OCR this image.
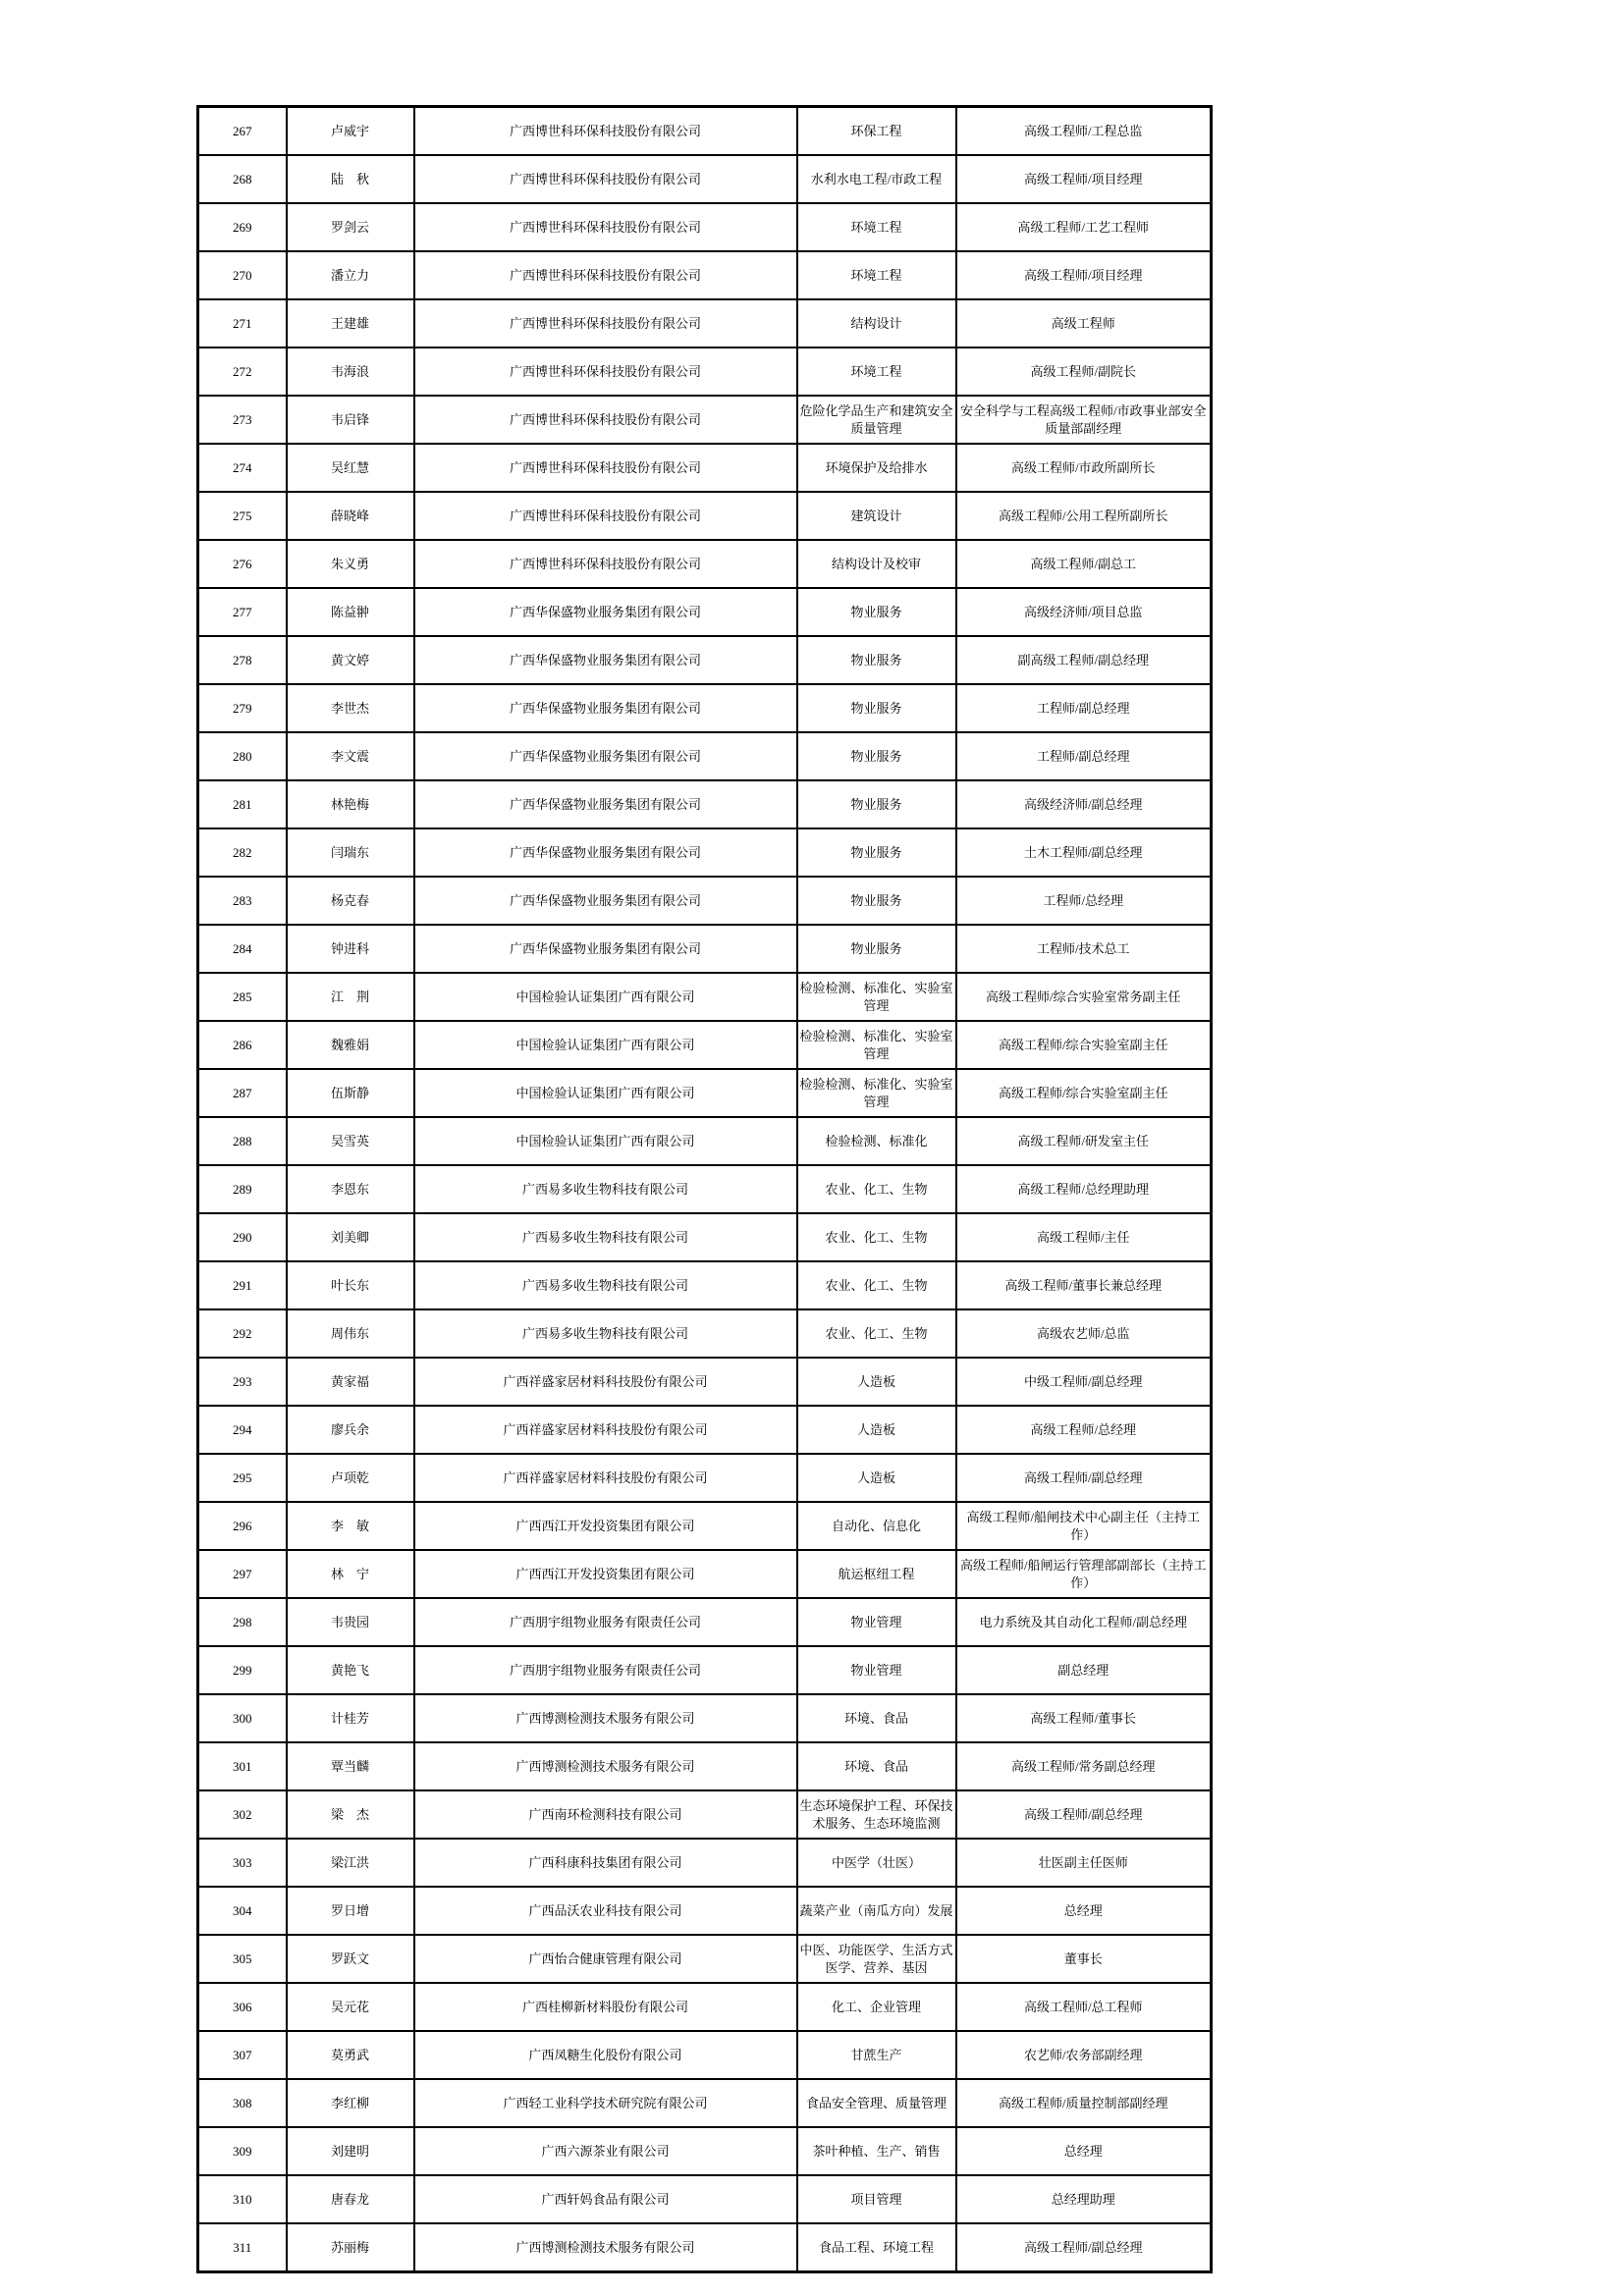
267	卢威宇	广西博世科环保科技股份有限公司	环保工程	高级工程师/工程总监
268	陆　秋	广西博世科环保科技股份有限公司	水利水电工程/市政工程	高级工程师/项目经理
269	罗剑云	广西博世科环保科技股份有限公司	环境工程	高级工程师/工艺工程师
270	潘立力	广西博世科环保科技股份有限公司	环境工程	高级工程师/项目经理
271	王建雄	广西博世科环保科技股份有限公司	结构设计	高级工程师
272	韦海浪	广西博世科环保科技股份有限公司	环境工程	高级工程师/副院长
273	韦启锋	广西博世科环保科技股份有限公司	危险化学品生产和建筑安全质量管理	安全科学与工程高级工程师/市政事业部安全质量部副经理
274	吴红慧	广西博世科环保科技股份有限公司	环境保护及给排水	高级工程师/市政所副所长
275	薛晓峰	广西博世科环保科技股份有限公司	建筑设计	高级工程师/公用工程所副所长
276	朱义勇	广西博世科环保科技股份有限公司	结构设计及校审	高级工程师/副总工
277	陈益翀	广西华保盛物业服务集团有限公司	物业服务	高级经济师/项目总监
278	黄文婷	广西华保盛物业服务集团有限公司	物业服务	副高级工程师/副总经理
279	李世杰	广西华保盛物业服务集团有限公司	物业服务	工程师/副总经理
280	李文震	广西华保盛物业服务集团有限公司	物业服务	工程师/副总经理
281	林艳梅	广西华保盛物业服务集团有限公司	物业服务	高级经济师/副总经理
282	闫瑞东	广西华保盛物业服务集团有限公司	物业服务	土木工程师/副总经理
283	杨克春	广西华保盛物业服务集团有限公司	物业服务	工程师/总经理
284	钟进科	广西华保盛物业服务集团有限公司	物业服务	工程师/技术总工
285	江　荆	中国检验认证集团广西有限公司	检验检测、标准化、实验室管理	高级工程师/综合实验室常务副主任
286	魏雅娟	中国检验认证集团广西有限公司	检验检测、标准化、实验室管理	高级工程师/综合实验室副主任
287	伍斯静	中国检验认证集团广西有限公司	检验检测、标准化、实验室管理	高级工程师/综合实验室副主任
288	吴雪英	中国检验认证集团广西有限公司	检验检测、标准化	高级工程师/研发室主任
289	李恩东	广西易多收生物科技有限公司	农业、化工、生物	高级工程师/总经理助理
290	刘美卿	广西易多收生物科技有限公司	农业、化工、生物	高级工程师/主任
291	叶长东	广西易多收生物科技有限公司	农业、化工、生物	高级工程师/董事长兼总经理
292	周伟东	广西易多收生物科技有限公司	农业、化工、生物	高级农艺师/总监
293	黄家福	广西祥盛家居材料科技股份有限公司	人造板	中级工程师/副总经理
294	廖兵余	广西祥盛家居材料科技股份有限公司	人造板	高级工程师/总经理
295	卢项乾	广西祥盛家居材料科技股份有限公司	人造板	高级工程师/副总经理
296	李　敏	广西西江开发投资集团有限公司	自动化、信息化	高级工程师/船闸技术中心副主任（主持工作）
297	林　宁	广西西江开发投资集团有限公司	航运枢纽工程	高级工程师/船闸运行管理部副部长（主持工作）
298	韦贵园	广西朋宇组物业服务有限责任公司	物业管理	电力系统及其自动化工程师/副总经理
299	黄艳飞	广西朋宇组物业服务有限责任公司	物业管理	副总经理
300	计桂芳	广西博测检测技术服务有限公司	环境、食品	高级工程师/董事长
301	覃当麟	广西博测检测技术服务有限公司	环境、食品	高级工程师/常务副总经理
302	梁　杰	广西南环检测科技有限公司	生态环境保护工程、环保技术服务、生态环境监测	高级工程师/副总经理
303	梁江洪	广西科康科技集团有限公司	中医学（壮医）	壮医副主任医师
304	罗日增	广西品沃农业科技有限公司	蔬菜产业（南瓜方向）发展	总经理
305	罗跃文	广西怡合健康管理有限公司	中医、功能医学、生活方式医学、营养、基因	董事长
306	吴元花	广西桂柳新材料股份有限公司	化工、企业管理	高级工程师/总工程师
307	莫勇武	广西凤糖生化股份有限公司	甘蔗生产	农艺师/农务部副经理
308	李红柳	广西轻工业科学技术研究院有限公司	食品安全管理、质量管理	高级工程师/质量控制部副经理
309	刘建明	广西六源茶业有限公司	茶叶种植、生产、销售	总经理
310	唐春龙	广西轩妈食品有限公司	项目管理	总经理助理
311	苏丽梅	广西博测检测技术服务有限公司	食品工程、环境工程	高级工程师/副总经理
